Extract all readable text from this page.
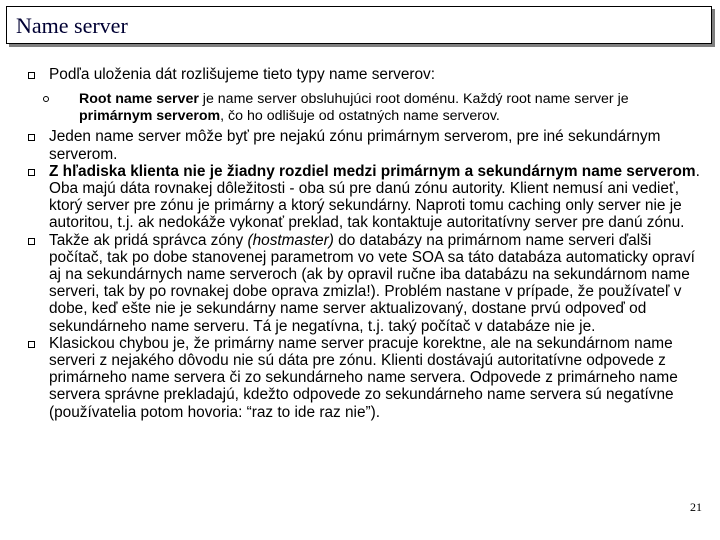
Name server
Podľa uloženia dát rozlišujeme tieto typy name serverov:
Root name server je name server obsluhujúci root doménu. Každý root name server je primárnym serverom, čo ho odlišuje od ostatných name serverov.
Jeden name server môže byť pre nejakú zónu primárnym serverom, pre iné sekundárnym serverom.
Z hľadiska klienta nie je žiadny rozdiel medzi primárnym a sekundárnym name serverom. Oba majú dáta rovnakej dôležitosti - oba sú pre danú zónu autority. Klient nemusí ani vedieť, ktorý server pre zónu je primárny a ktorý sekundárny. Naproti tomu caching only server nie je autoritou, t.j. ak nedokáže vykonať preklad, tak kontaktuje autoritatívny server pre danú zónu.
Takže ak pridá správca zóny (hostmaster) do databázy na primárnom name serveri ďalši počítač, tak po dobe stanovenej parametrom vo vete SOA sa táto databáza automaticky opraví aj na sekundárnych name serveroch (ak by opravil ručne iba databázu na sekundárnom name serveri, tak by po rovnakej dobe oprava zmizla!). Problém nastane v prípade, že používateľ v dobe, keď ešte nie je sekundárny name server aktualizovaný, dostane prvú odpoveď od sekundárneho name serveru. Tá je negatívna, t.j. taký počítač v databáze nie je.
Klasickou chybou je, že primárny name server pracuje korektne, ale na sekundárnom name serveri z nejakého dôvodu nie sú dáta pre zónu. Klienti dostávajú autoritatívne odpovede z primárneho name servera či zo sekundárneho name servera. Odpovede z primárneho name servera správne prekladajú, kdežto odpovede zo sekundárneho name servera sú negatívne (používatelia potom hovoria: “raz to ide raz nie”).
21
